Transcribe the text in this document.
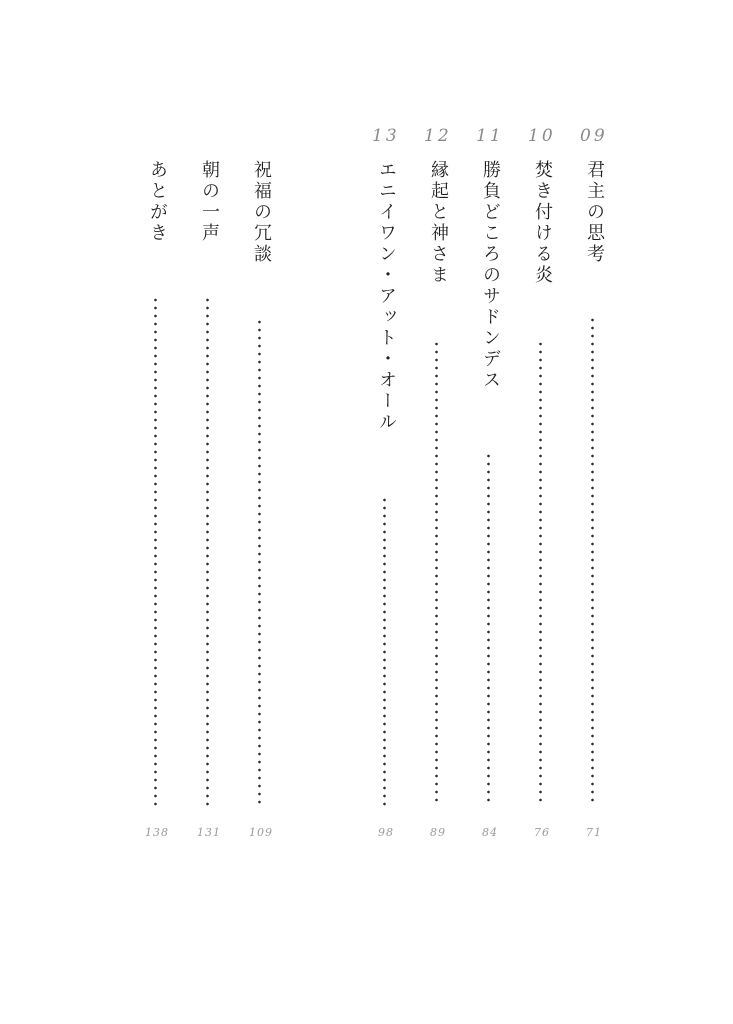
09
君主の思考
71
10
焚き付ける炎
76
11
勝負どころのサドンデス
84
12
縁起と神さま
89
13
エニイワン・アット・オール
98
祝福の冗談
109
朝の一声
131
あとがき
138
